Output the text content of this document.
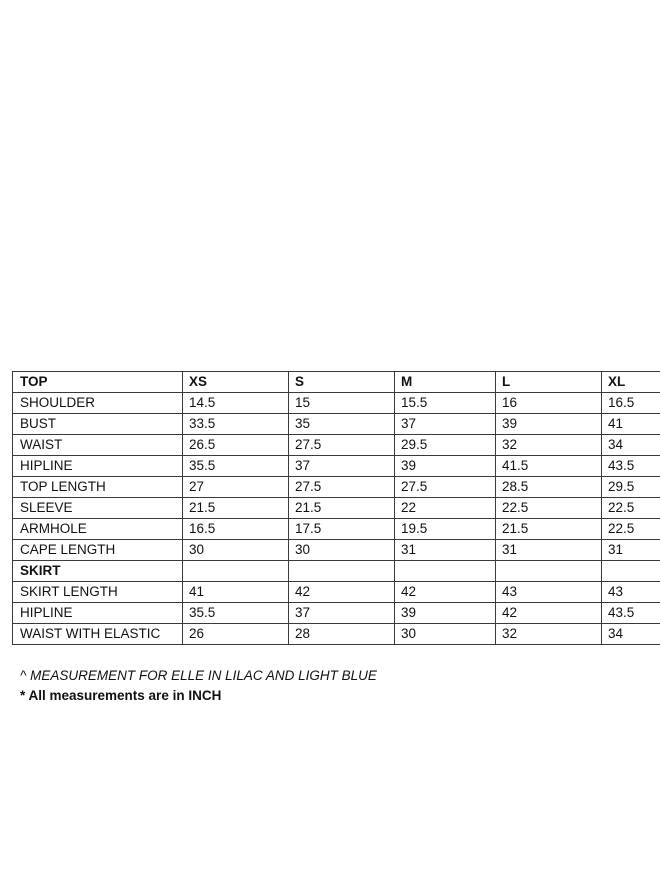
TOP	XS	S	M	L	XL
SHOULDER	14.5	15	15.5	16	16.5
BUST	33.5	35	37	39	41
WAIST	26.5	27.5	29.5	32	34
HIPLINE	35.5	37	39	41.5	43.5
TOP LENGTH	27	27.5	27.5	28.5	29.5
SLEEVE	21.5	21.5	22	22.5	22.5
ARMHOLE	16.5	17.5	19.5	21.5	22.5
CAPE LENGTH	30	30	31	31	31
SKIRT					
SKIRT LENGTH	41	42	42	43	43
HIPLINE	35.5	37	39	42	43.5
WAIST WITH ELASTIC	26	28	30	32	34
^ MEASUREMENT FOR ELLE IN LILAC AND LIGHT BLUE
* All measurements are in INCH
